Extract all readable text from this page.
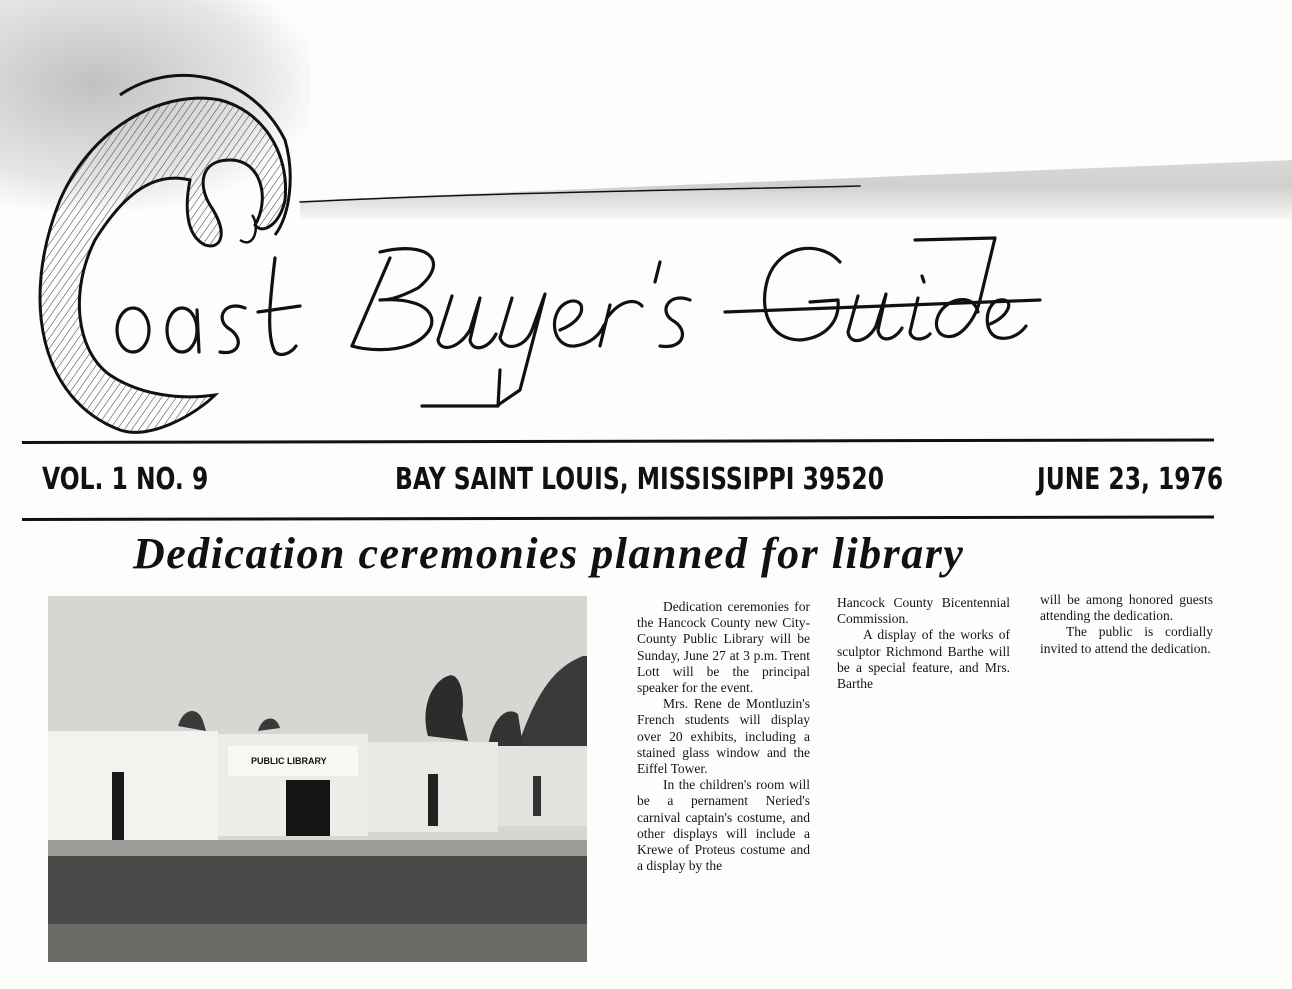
VOL. 1 NO. 9	BAY SAINT LOUIS, MISSISSIPPI 39520	JUNE 23, 1976
Dedication ceremonies planned for library
PUBLIC LIBRARY

Dedication ceremonies for the Hancock County new City-County Public Library will be Sunday, June 27 at 3 p.m. Trent Lott will be the principal speaker for the event.

Mrs. Rene de Montluzin's French students will display over 20 exhibits, including a stained glass window and the Eiffel Tower.

In the children's room will be a pernament Neried's carnival captain's costume, and other displays will include a Krewe of Proteus costume and a display by the

Hancock County Bicentennial Commission.

A display of the works of sculptor Richmond Barthe will be a special feature, and Mrs. Barthe

will be among honored guests attending the dedication.

The public is cordially invited to attend the dedication.
